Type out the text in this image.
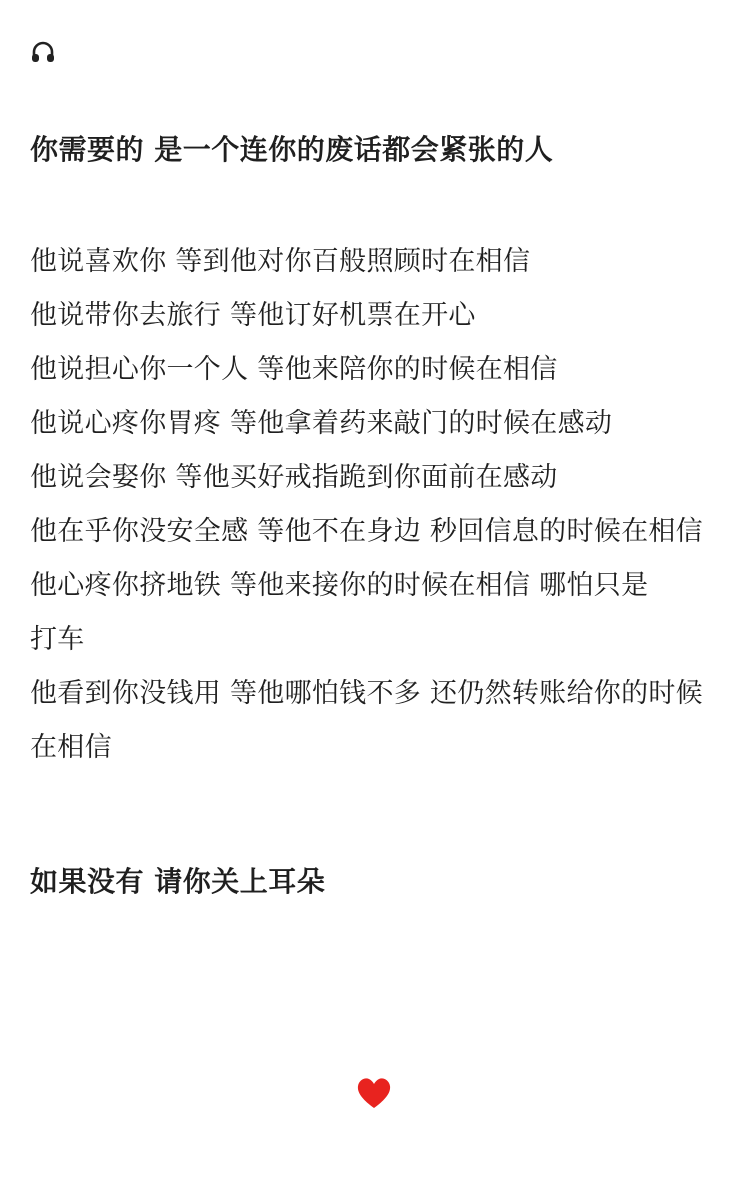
你需要的 是一个连你的废话都会紧张的人
他说喜欢你 等到他对你百般照顾时在相信
他说带你去旅行 等他订好机票在开心
他说担心你一个人 等他来陪你的时候在相信
他说心疼你胃疼 等他拿着药来敲门的时候在感动
他说会娶你 等他买好戒指跪到你面前在感动
他在乎你没安全感 等他不在身边 秒回信息的时候在相信
他心疼你挤地铁 等他来接你的时候在相信 哪怕只是
打车
他看到你没钱用 等他哪怕钱不多 还仍然转账给你的时候
在相信
如果没有 请你关上耳朵
